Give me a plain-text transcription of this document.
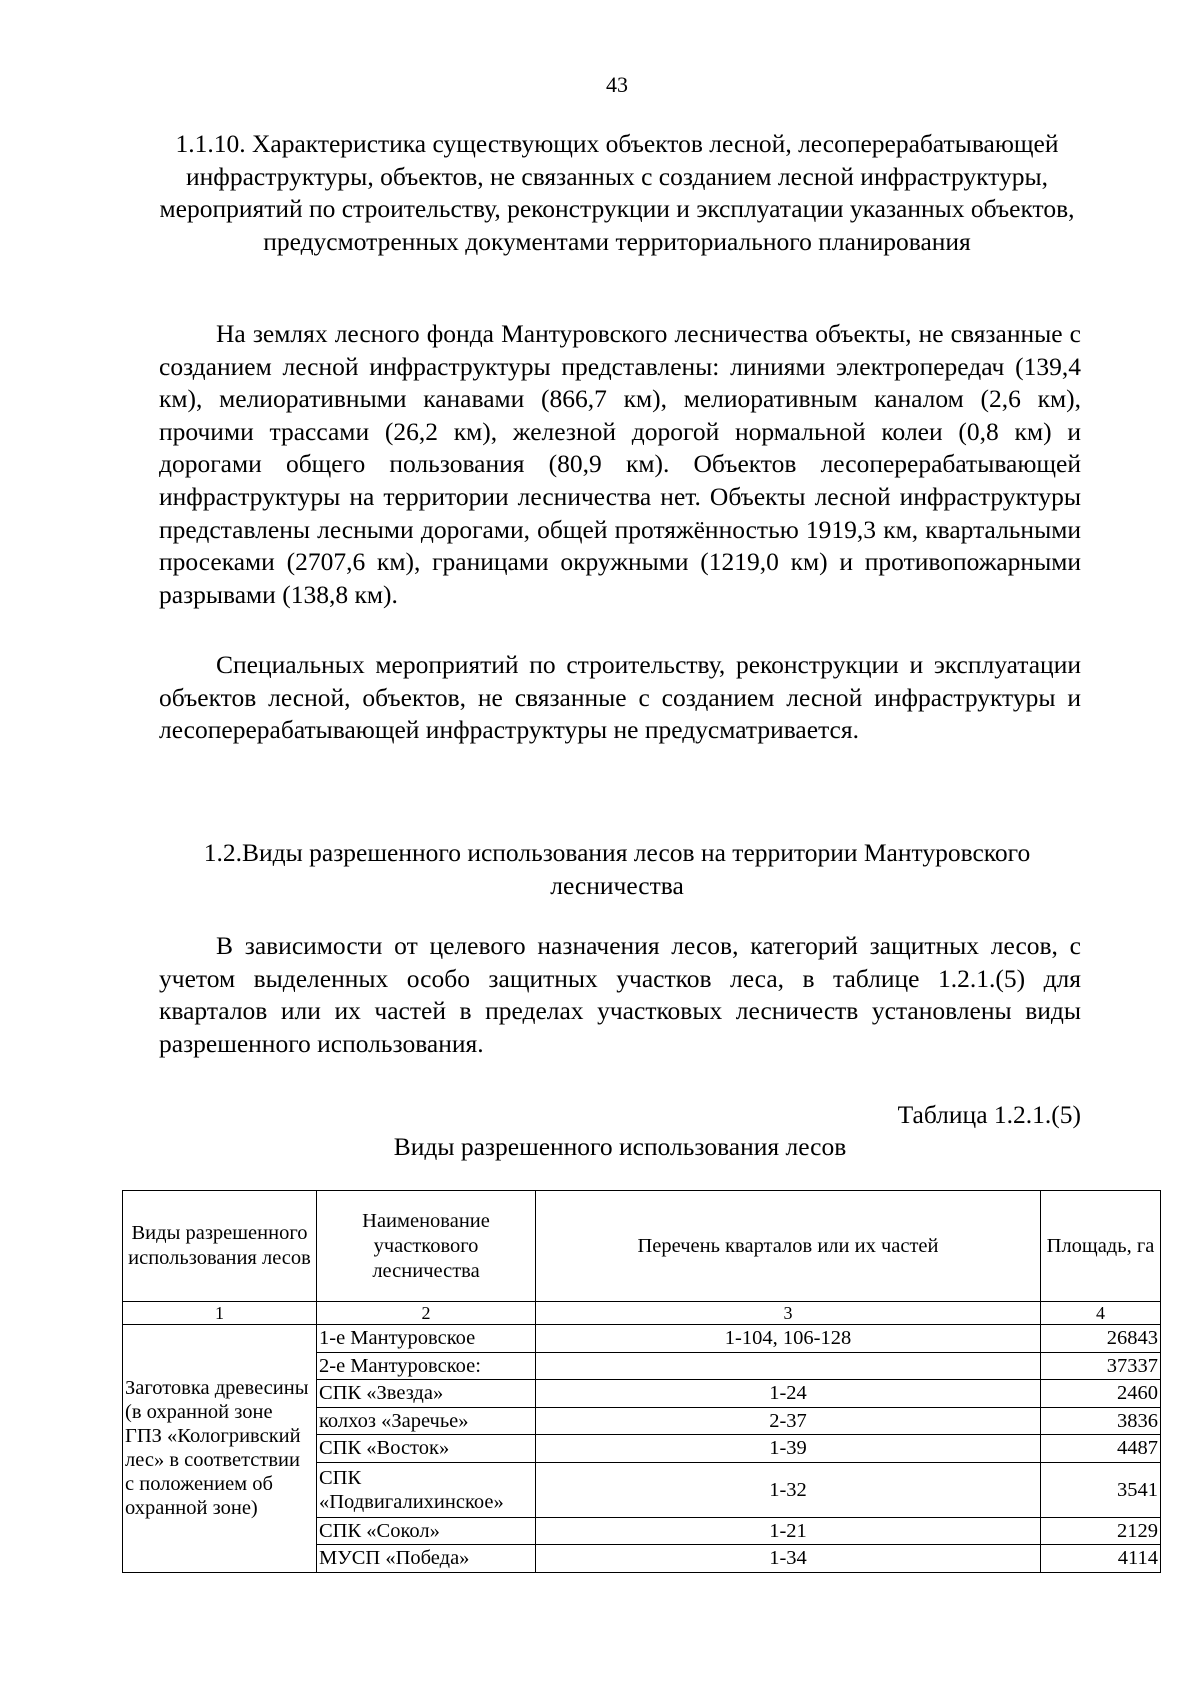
43
1.1.10. Характеристика существующих объектов лесной, лесоперерабатывающей инфраструктуры, объектов, не связанных с созданием лесной инфраструктуры, мероприятий по строительству, реконструкции и эксплуатации указанных объектов, предусмотренных документами территориального планирования
На землях лесного фонда Мантуровского лесничества объекты, не связанные с созданием лесной инфраструктуры представлены: линиями электропередач (139,4 км), мелиоративными канавами (866,7 км), мелиоративным каналом (2,6 км), прочими трассами (26,2 км), железной дорогой нормальной колеи (0,8 км) и дорогами общего пользования (80,9 км). Объектов лесоперерабатывающей инфраструктуры на территории лесничества нет. Объекты лесной инфраструктуры представлены лесными дорогами, общей протяжённостью 1919,3 км, квартальными просеками (2707,6 км), границами окружными (1219,0 км) и противопожарными разрывами (138,8 км).
Специальных мероприятий по строительству, реконструкции и эксплуатации объектов лесной, объектов, не связанные с созданием лесной инфраструктуры и лесоперерабатывающей инфраструктуры не предусматривается.
1.2.Виды разрешенного использования лесов на территории Мантуровского лесничества
В зависимости от целевого назначения лесов, категорий защитных лесов, с учетом выделенных особо защитных участков леса, в таблице 1.2.1.(5) для кварталов или их частей в пределах участковых лесничеств установлены виды разрешенного использования.
Таблица 1.2.1.(5)
Виды разрешенного использования лесов
Виды разрешенного использования лесов	Наименование участкового лесничества	Перечень кварталов или их частей	Площадь, га
1	2	3	4
Заготовка древесины (в охранной зоне ГПЗ «Кологривский лес» в соответствии с положением об охранной зоне)	1-е Мантуровское	1-104, 106-128	26843
	2-е Мантуровское:		37337
	СПК «Звезда»	1-24	2460
	колхоз «Заречье»	2-37	3836
	СПК «Восток»	1-39	4487
	СПК «Подвигалихинское»	1-32	3541
	СПК «Сокол»	1-21	2129
	МУСП «Победа»	1-34	4114
